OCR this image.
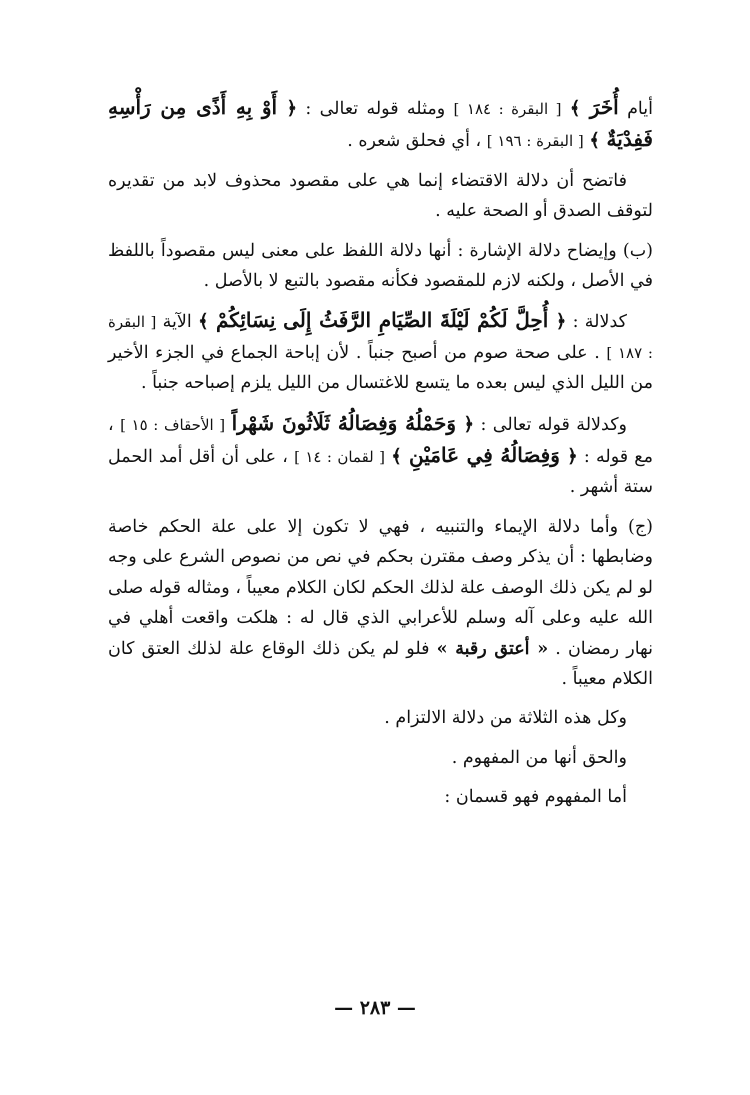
أيام أُخَرَ ﴾ [ البقرة : ١٨٤ ] ومثله قوله تعالى : ﴿ أَوْ بِهِ أَذًى مِن رَأْسِهِ فَفِدْيَةٌ ﴾ [ البقرة : ١٩٦ ] ، أي فحلق شعره .

فاتضح أن دلالة الاقتضاء إنما هي على مقصود محذوف لابد من تقديره لتوقف الصدق أو الصحة عليه .

(ب) وإيضاح دلالة الإشارة : أنها دلالة اللفظ على معنى ليس مقصوداً باللفظ في الأصل ، ولكنه لازم للمقصود فكأنه مقصود بالتبع لا بالأصل .

كدلالة : ﴿ أُحِلَّ لَكُمْ لَيْلَةَ الصِّيَامِ الرَّفَثُ إِلَى نِسَائِكُمْ ﴾ الآية [ البقرة : ١٨٧ ] . على صحة صوم من أصبح جنباً . لأن إباحة الجماع في الجزء الأخير من الليل الذي ليس بعده ما يتسع للاغتسال من الليل يلزم إصباحه جنباً .

وكدلالة قوله تعالى : ﴿ وَحَمْلُهُ وَفِصَالُهُ ثَلَاثُونَ شَهْراً [ الأحقاف : ١٥ ] ، مع قوله : ﴿ وَفِصَالُهُ فِي عَامَيْنِ ﴾ [ لقمان : ١٤ ] ، على أن أقل أمد الحمل ستة أشهر .

(ج) وأما دلالة الإيماء والتنبيه ، فهي لا تكون إلا على علة الحكم خاصة وضابطها : أن يذكر وصف مقترن بحكم في نص من نصوص الشرع على وجه لو لم يكن ذلك الوصف علة لذلك الحكم لكان الكلام معيباً ، ومثاله قوله صلى الله عليه وعلى آله وسلم للأعرابي الذي قال له : هلكت واقعت أهلي في نهار رمضان . « أعتق رقبة » فلو لم يكن ذلك الوقاع علة لذلك العتق كان الكلام معيباً .

وكل هذه الثلاثة من دلالة الالتزام .

والحق أنها من المفهوم .

أما المفهوم فهو قسمان :

— ٢٨٣ —
